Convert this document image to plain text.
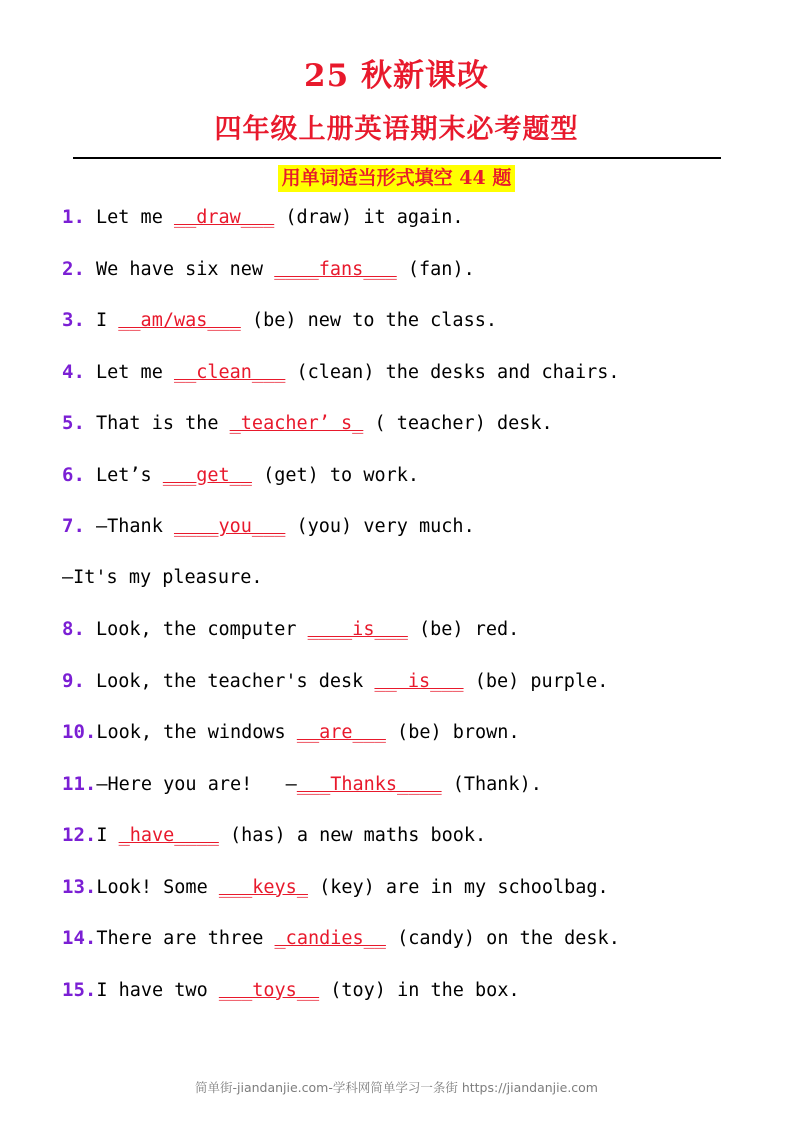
25 秋新课改
四年级上册英语期末必考题型
用单词适当形式填空 44 题
1. Let me __draw___ (draw) it again.
2. We have six new ____fans___ (fan).
3. I __am/was___ (be) new to the class.
4. Let me __clean___ (clean) the desks and chairs.
5. That is the _teacher’ s_ ( teacher) desk.
6. Let’s ___get__ (get) to work.
7. —Thank ____you___ (you) very much.
—It's my pleasure.
8. Look, the computer ____is___ (be) red.
9. Look, the teacher's desk __ is___ (be) purple.
10. Look, the windows __are___ (be) brown.
11. —Here you are!   — ___Thanks____ (Thank).
12. I _have____ (has) a new maths book.
13. Look! Some ___keys_ (key) are in my schoolbag.
14. There are three _candies__ (candy) on the desk.
15. I have two ___toys__ (toy) in the box.
简单街-jiandanjie.com-学科网简单学习一条街 https://jiandanjie.com
